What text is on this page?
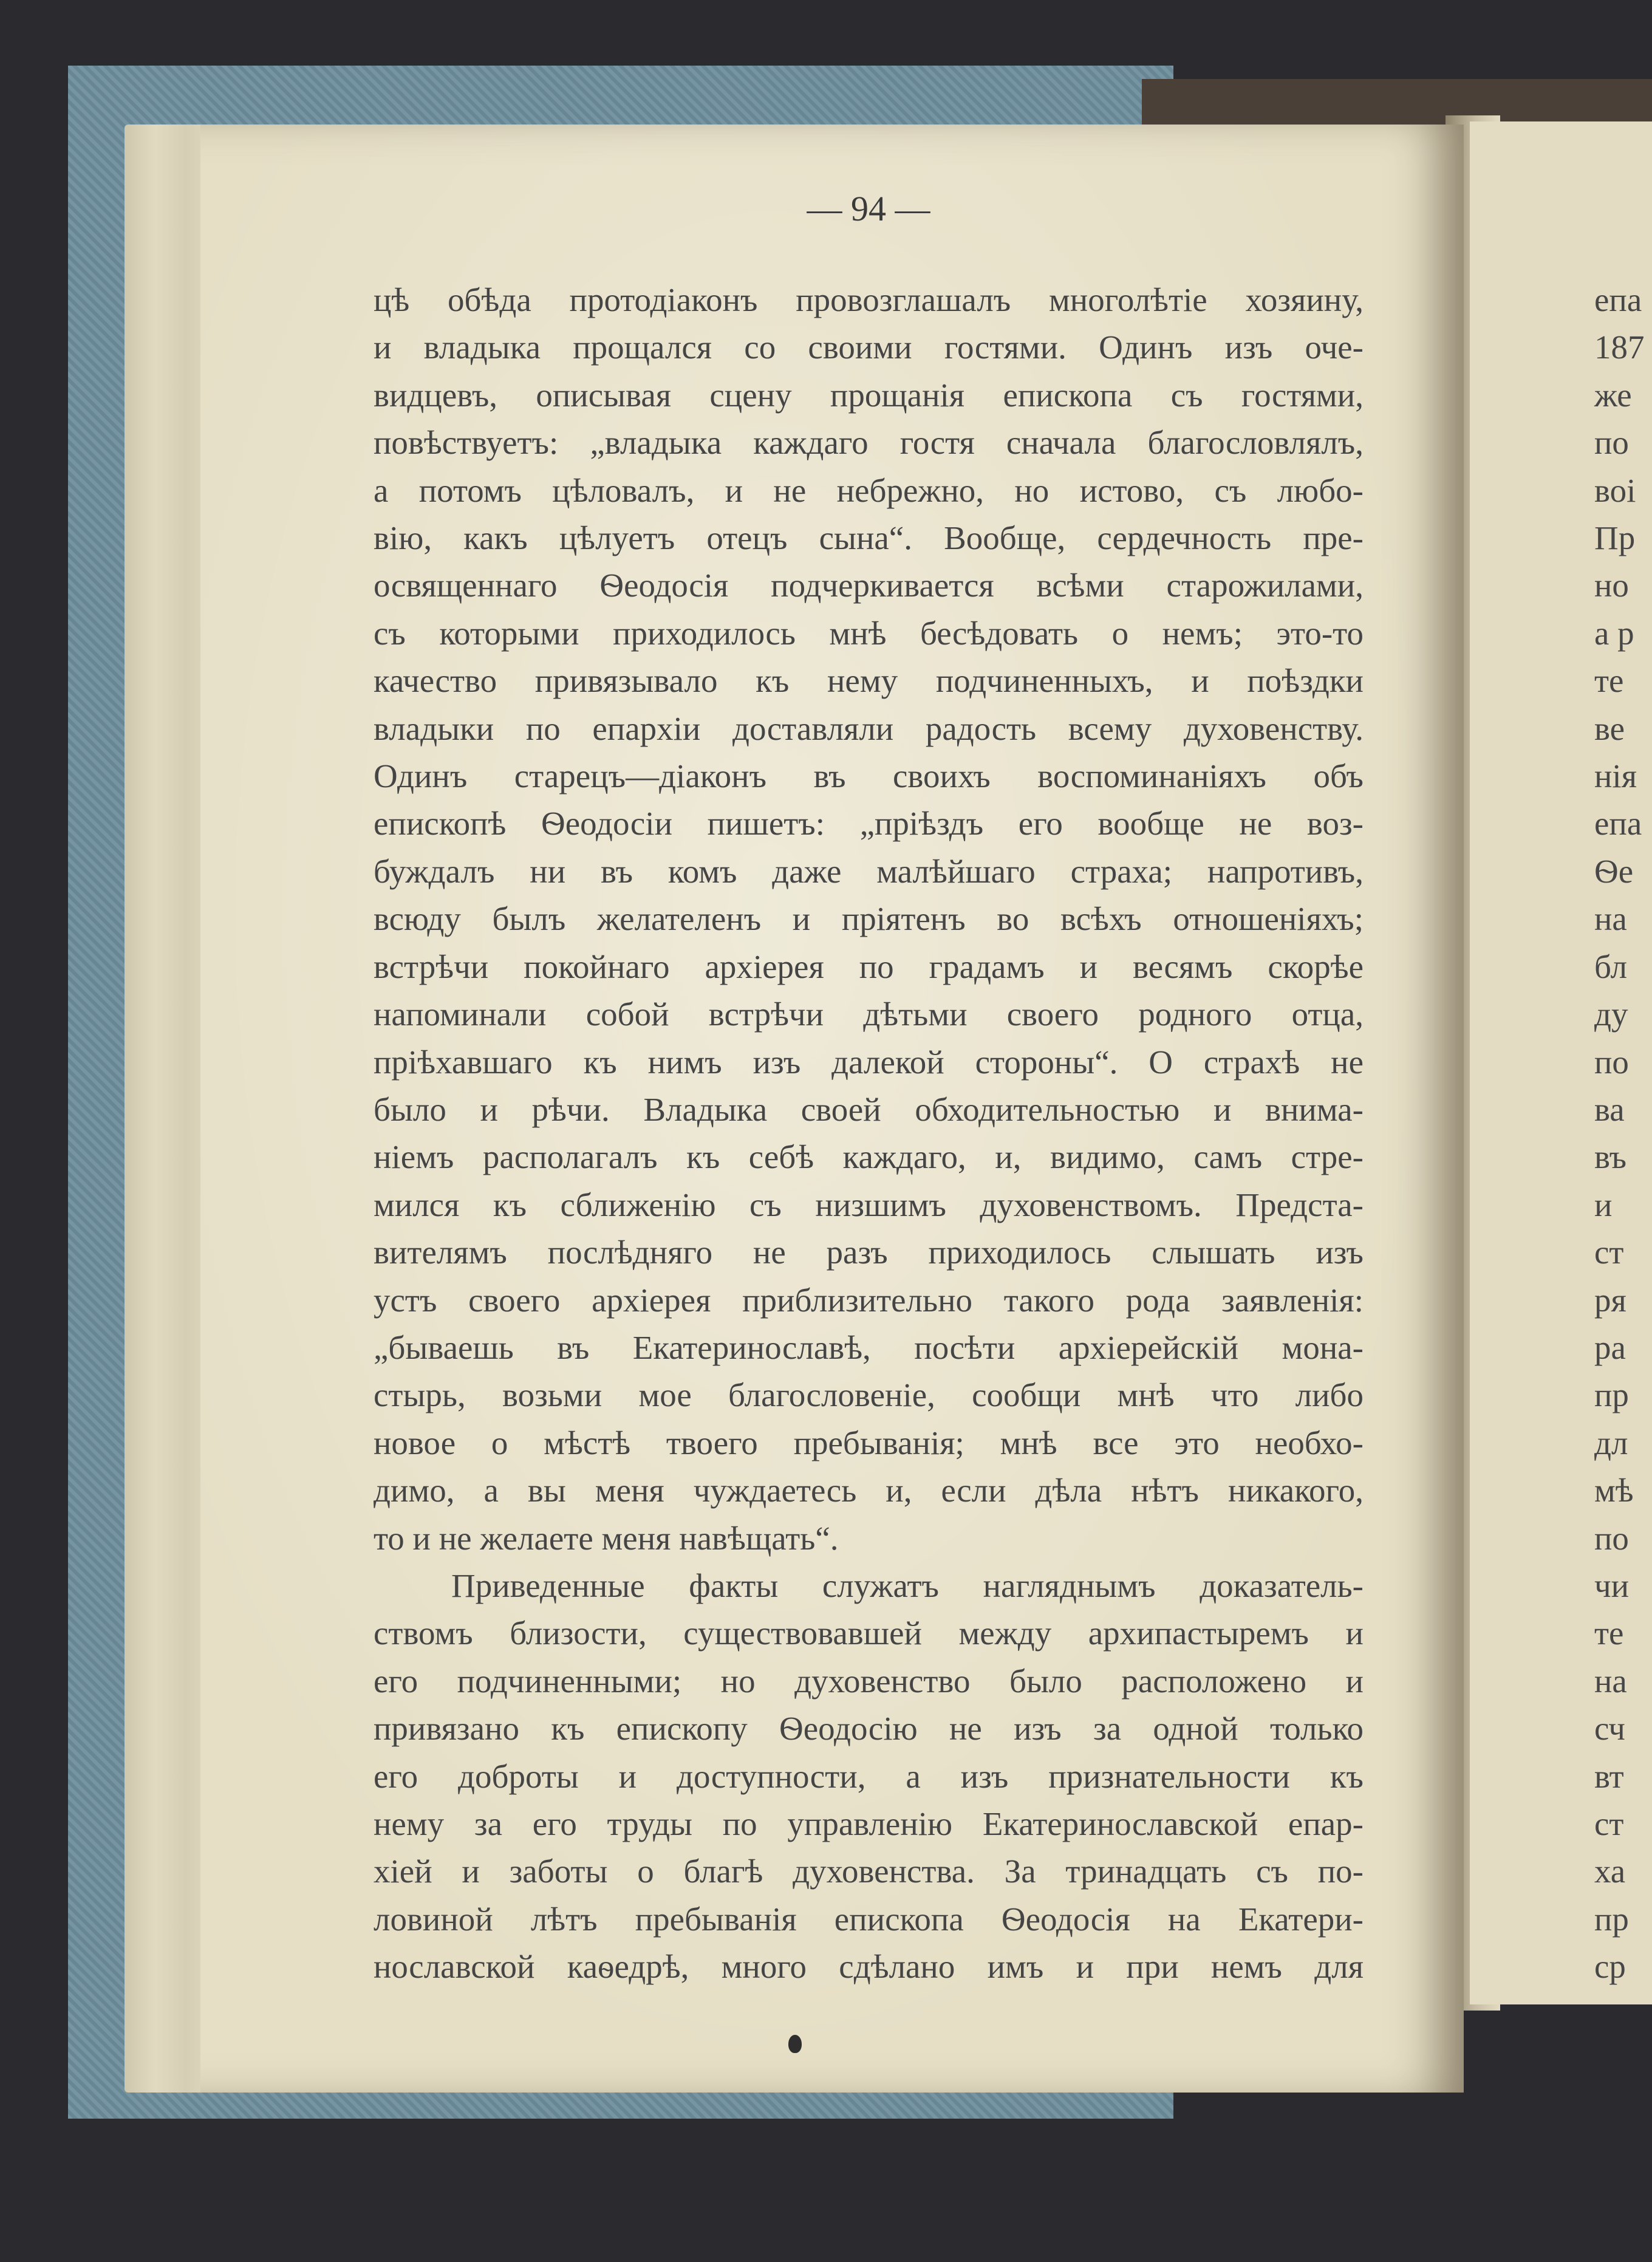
— 94 —

цѣ обѣда протодіаконъ провозглашалъ многолѣтіе хозяину,

и владыка прощался со своими гостями. Одинъ изъ оче-

видцевъ, описывая сцену прощанія епископа съ гостями,

повѣствуетъ: „владыка каждаго гостя сначала благословлялъ,

а потомъ цѣловалъ, и не небрежно, но истово, съ любо-

вію, какъ цѣлуетъ отецъ сына“. Вообще, сердечность пре-

освященнаго Ѳеодосія подчеркивается всѣми старожилами,

съ которыми приходилось мнѣ бесѣдовать о немъ; это-то

качество привязывало къ нему подчиненныхъ, и поѣздки

владыки по епархіи доставляли радость всему духовенству.

Одинъ старецъ—діаконъ въ своихъ воспоминаніяхъ объ

епископѣ Ѳеодосіи пишетъ: „пріѣздъ его вообще не воз-

буждалъ ни въ комъ даже малѣйшаго страха; напротивъ,

всюду былъ желателенъ и пріятенъ во всѣхъ отношеніяхъ;

встрѣчи покойнаго архіерея по градамъ и весямъ скорѣе

напоминали собой встрѣчи дѣтьми своего родного отца,

пріѣхавшаго къ нимъ изъ далекой стороны“. О страхѣ не

было и рѣчи. Владыка своей обходительностью и внима-

ніемъ располагалъ къ себѣ каждаго, и, видимо, самъ стре-

мился къ сближенію съ низшимъ духовенствомъ. Предста-

вителямъ послѣдняго не разъ приходилось слышать изъ

устъ своего архіерея приблизительно такого рода заявленія:

„бываешь въ Екатеринославѣ, посѣти архіерейскій мона-

стырь, возьми мое благословеніе, сообщи мнѣ что либо

новое о мѣстѣ твоего пребыванія; мнѣ все это необхо-

димо, а вы меня чуждаетесь и, если дѣла нѣтъ никакого,

то и не желаете меня навѣщать“.

Приведенные факты служатъ нагляднымъ доказатель-

ствомъ близости, существовавшей между архипастыремъ и

его подчиненными; но духовенство было расположено и

привязано къ епископу Ѳеодосію не изъ за одной только

его доброты и доступности, а изъ признательности къ

нему за его труды по управленію Екатеринославской епар-

хіей и заботы о благѣ духовенства. За тринадцать съ по-

ловиной лѣтъ пребыванія епископа Ѳеодосія на Екатери-

нославской каѳедрѣ, много сдѣлано имъ и при немъ для

епа
187
же
по
воі
Пр
но
а р
те
ве
нія
епа
Ѳе
на
бл
ду
по
ва
въ
и
ст
ря
ра
пр
дл
мѣ
по
чи
те
на
сч
вт
ст
ха
пр
ср
